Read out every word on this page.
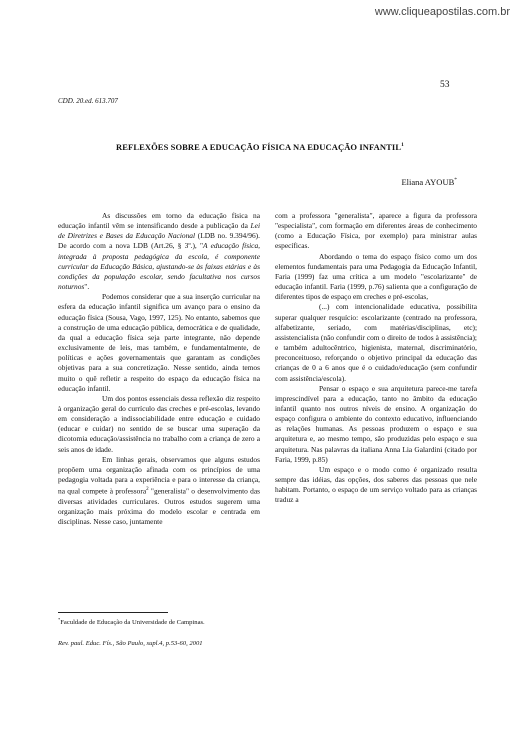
www.cliqueapostilas.com.br
53
CDD. 20.ed. 613.707
REFLEXÕES SOBRE A EDUCAÇÃO FÍSICA NA EDUCAÇÃO INFANTIL$^1$
Eliana AYOUB*

As discussões em torno da educação física na educação infantil vêm se intensificando desde a publicação da Lei de Diretrizes e Bases da Educação Nacional (LDB no. 9.394/96). De acordo com a nova LDB (Art.26, § 3º.), "A educação física, integrada à proposta pedagógica da escola, é componente curricular da Educação Básica, ajustando-se às faixas etárias e às condições da população escolar, sendo facultativa nos cursos noturnos".

Podemos considerar que a sua inserção curricular na esfera da educação infantil significa um avanço para o ensino da educação física (Sousa, Vago, 1997, 125). No entanto, sabemos que a construção de uma educação pública, democrática e de qualidade, da qual a educação física seja parte integrante, não depende exclusivamente de leis, mas também, e fundamentalmente, de políticas e ações governamentais que garantam as condições objetivas para a sua concretização. Nesse sentido, ainda temos muito o quê refletir a respeito do espaço da educação física na educação infantil.

Um dos pontos essenciais dessa reflexão diz respeito à organização geral do currículo das creches e pré-escolas, levando em consideração a indissociabilidade entre educação e cuidado (educar e cuidar) no sentido de se buscar uma superação da dicotomia educação/assistência no trabalho com a criança de zero a seis anos de idade.

Em linhas gerais, observamos que alguns estudos propõem uma organização afinada com os princípios de uma pedagogia voltada para a experiência e para o interesse da criança, na qual compete à professora$^2$ "generalista" o desenvolvimento das diversas atividades curriculares. Outros estudos sugerem uma organização mais próxima do modelo escolar e centrada em disciplinas. Nesse caso, juntamente

com a professora "generalista", aparece a figura da professora "especialista", com formação em diferentes áreas de conhecimento (como a Educação Física, por exemplo) para ministrar aulas específicas.

Abordando o tema do espaço físico como um dos elementos fundamentais para uma Pedagogia da Educação Infantil, Faria (1999) faz uma crítica a um modelo "escolarizante" de educação infantil. Faria (1999, p.76) salienta que a configuração de diferentes tipos de espaço em creches e pré-escolas,

(...) com intencionalidade educativa, possibilita superar qualquer resquício: escolarizante (centrado na professora, alfabetizante, seriado, com matérias/disciplinas, etc); assistencialista (não confundir com o direito de todos à assistência); e também adultocêntrico, higienista, maternal, discriminatório, preconceituoso, reforçando o objetivo principal da educação das crianças de 0 a 6 anos que é o cuidado/educação (sem confundir com assistência/escola).

Pensar o espaço e sua arquitetura parece-me tarefa imprescindível para a educação, tanto no âmbito da educação infantil quanto nos outros níveis de ensino. A organização do espaço configura o ambiente do contexto educativo, influenciando as relações humanas. As pessoas produzem o espaço e sua arquitetura e, ao mesmo tempo, são produzidas pelo espaço e sua arquitetura. Nas palavras da italiana Anna Lia Galardini (citado por Faria, 1999, p.85)

Um espaço e o modo como é organizado resulta sempre das idéias, das opções, dos saberes das pessoas que nele habitam. Portanto, o espaço de um serviço voltado para as crianças traduz a

*Faculdade de Educação da Universidade de Campinas.
Rev. paul. Educ. Fís., São Paulo, supl.4, p.53-60, 2001
